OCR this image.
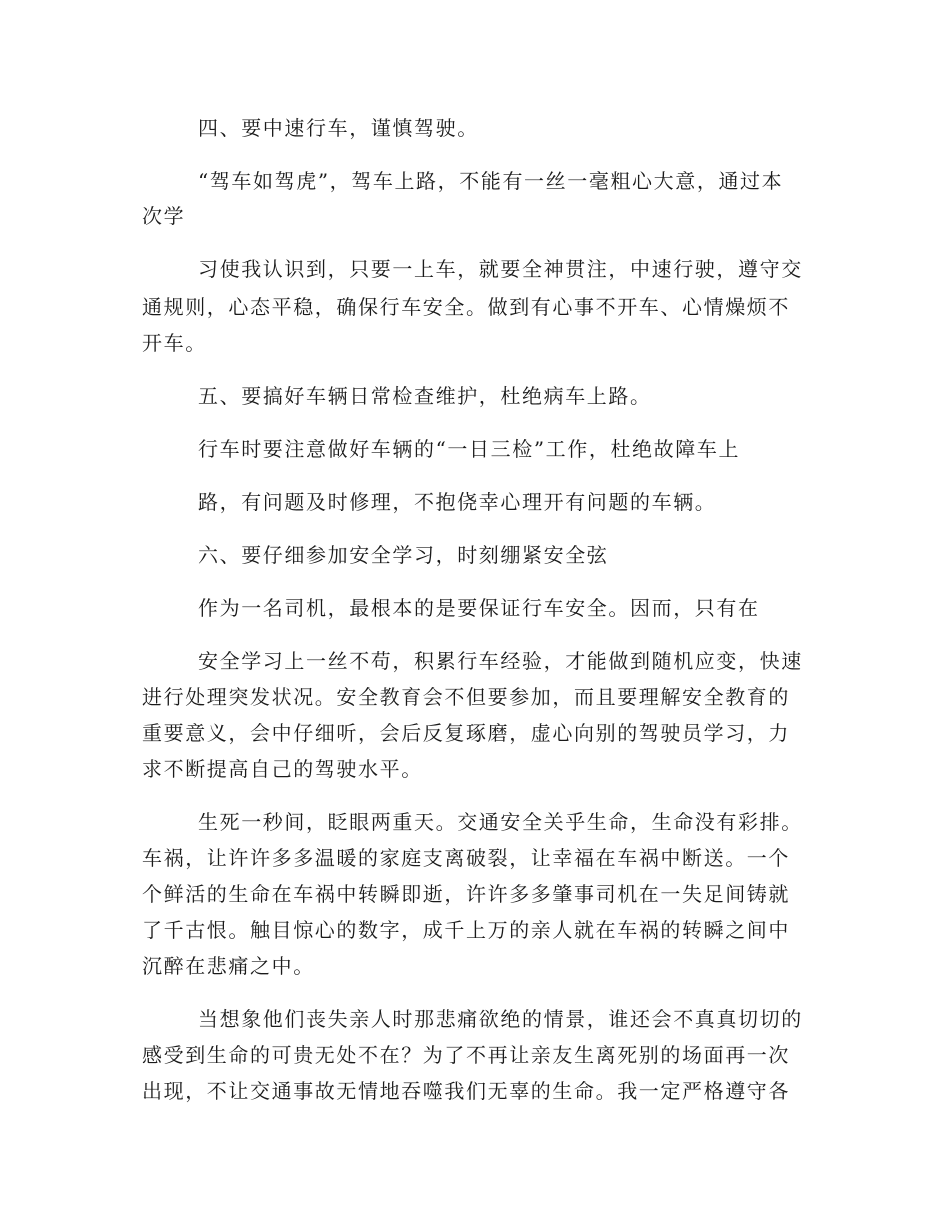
四、要中速行车，谨慎驾驶。
“驾车如驾虎”，驾车上路，不能有一丝一毫粗心大意，通过本
次学
习使我认识到，只要一上车，就要全神贯注，中速行驶，遵守交
通规则，心态平稳，确保行车安全。做到有心事不开车、心情燥烦不
开车。
五、要搞好车辆日常检查维护，杜绝病车上路。
行车时要注意做好车辆的“一日三检”工作，杜绝故障车上
路，有问题及时修理，不抱侥幸心理开有问题的车辆。
六、要仔细参加安全学习，时刻绷紧安全弦
作为一名司机，最根本的是要保证行车安全。因而，只有在
安全学习上一丝不苟，积累行车经验，才能做到随机应变，快速
进行处理突发状况。安全教育会不但要参加，而且要理解安全教育的
重要意义，会中仔细听，会后反复琢磨，虚心向别的驾驶员学习，力
求不断提高自己的驾驶水平。
生死一秒间，眨眼两重天。交通安全关乎生命，生命没有彩排。
车祸，让许许多多温暖的家庭支离破裂，让幸福在车祸中断送。一个
个鲜活的生命在车祸中转瞬即逝，许许多多肇事司机在一失足间铸就
了千古恨。触目惊心的数字，成千上万的亲人就在车祸的转瞬之间中
沉醉在悲痛之中。
当想象他们丧失亲人时那悲痛欲绝的情景，谁还会不真真切切的
感受到生命的可贵无处不在？为了不再让亲友生离死别的场面再一次
出现，不让交通事故无情地吞噬我们无辜的生命。我一定严格遵守各
